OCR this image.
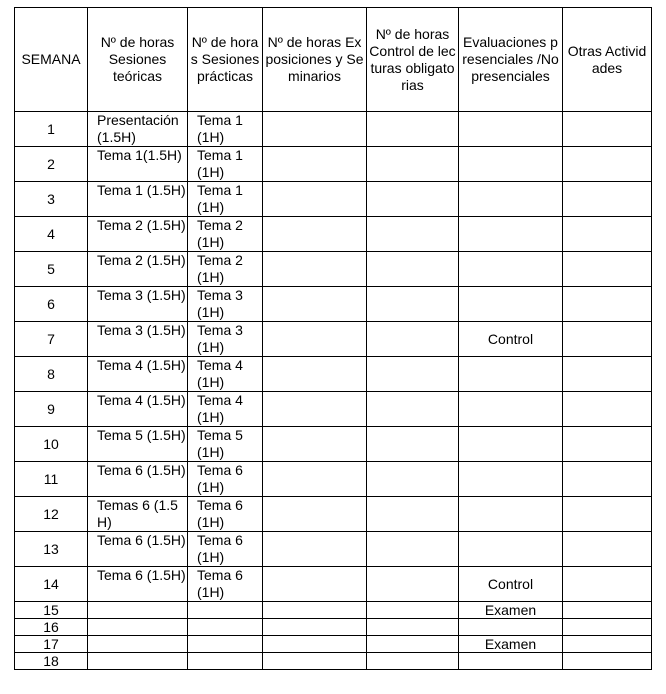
SEMANA	Nº de horas Sesiones teóricas	Nº de horas Sesiones prácticas	Nº de horas Exposiciones y Seminarios	Nº de horas Control de lecturas obligatorias	Evaluaciones presenciales /No presenciales	Otras Actividades
1	Presentación (1.5H)	Tema 1 (1H)				
2	Tema 1(1.5H)	Tema 1 (1H)				
3	Tema 1 (1.5H)	Tema 1 (1H)				
4	Tema 2 (1.5H)	Tema 2 (1H)				
5	Tema 2 (1.5H)	Tema 2 (1H)				
6	Tema 3 (1.5H)	Tema 3 (1H)				
7	Tema 3 (1.5H)	Tema 3 (1H)			Control	
8	Tema 4 (1.5H)	Tema 4 (1H)				
9	Tema 4 (1.5H)	Tema 4 (1H)				
10	Tema 5 (1.5H)	Tema 5 (1H)				
11	Tema 6 (1.5H)	Tema 6 (1H)				
12	Temas 6 (1.5H)	Tema 6 (1H)				
13	Tema 6 (1.5H)	Tema 6 (1H)				
14	Tema 6 (1.5H)	Tema 6 (1H)			Control	
15					Examen	
16						
17					Examen	
18						
